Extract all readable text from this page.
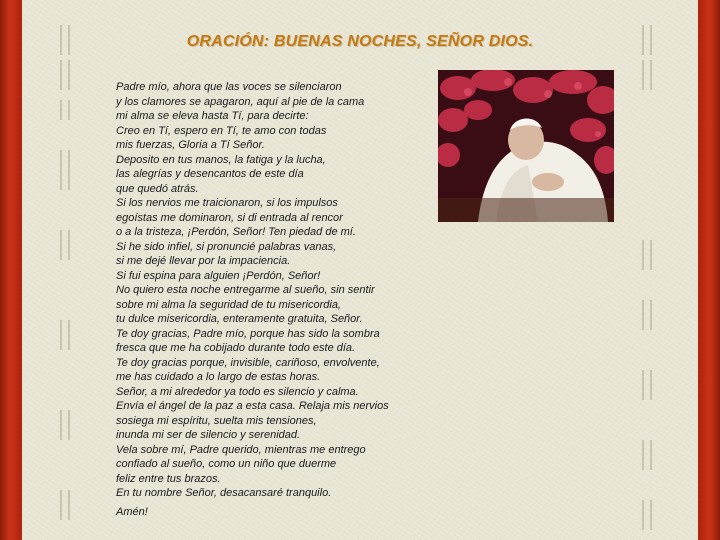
ORACIÓN: BUENAS NOCHES, SEÑOR DIOS.
Padre mío, ahora que las voces se silenciaron
y los clamores se apagaron, aquí al pie de la cama
mi alma se eleva hasta Tí, para decirte:
Creo en Tí, espero en Tí, te amo con todas
mis fuerzas, Gloria a Tí Señor.
Deposito en tus manos, la fatiga y la lucha,
las alegrías y desencantos de este día
que quedó atrás.
Si los nervios me traicionaron, si los impulsos
egoístas me dominaron, si di entrada al rencor
o a la tristeza, ¡Perdón, Señor! Ten piedad de mí.
Si he sido infiel, si pronuncié palabras vanas,
si me dejé llevar por la impaciencia.
Si fui espina para alguien ¡Perdón, Señor!
No quiero esta noche entregarme al sueño, sin sentir
sobre mi alma la seguridad de tu misericordia,
tu dulce misericordia, enteramente gratuita, Señor.
Te doy gracias, Padre mío, porque has sido la sombra
fresca que me ha cobijado durante todo este día.
Te doy gracias porque, invisible, cariñoso, envolvente,
me has cuidado a lo largo de estas horas.
Señor, a mi alrededor ya todo es silencio y calma.
Envía el ángel de la paz a esta casa. Relaja mis nervios
sosiega mi espíritu, suelta mis tensiones,
inunda mi ser de silencio y serenidad.
Vela sobre mí, Padre querido, mientras me entrego
confiado al sueño, como un niño que duerme
feliz entre tus brazos.
En tu nombre Señor, desacansaré tranquilo.
Amén!
